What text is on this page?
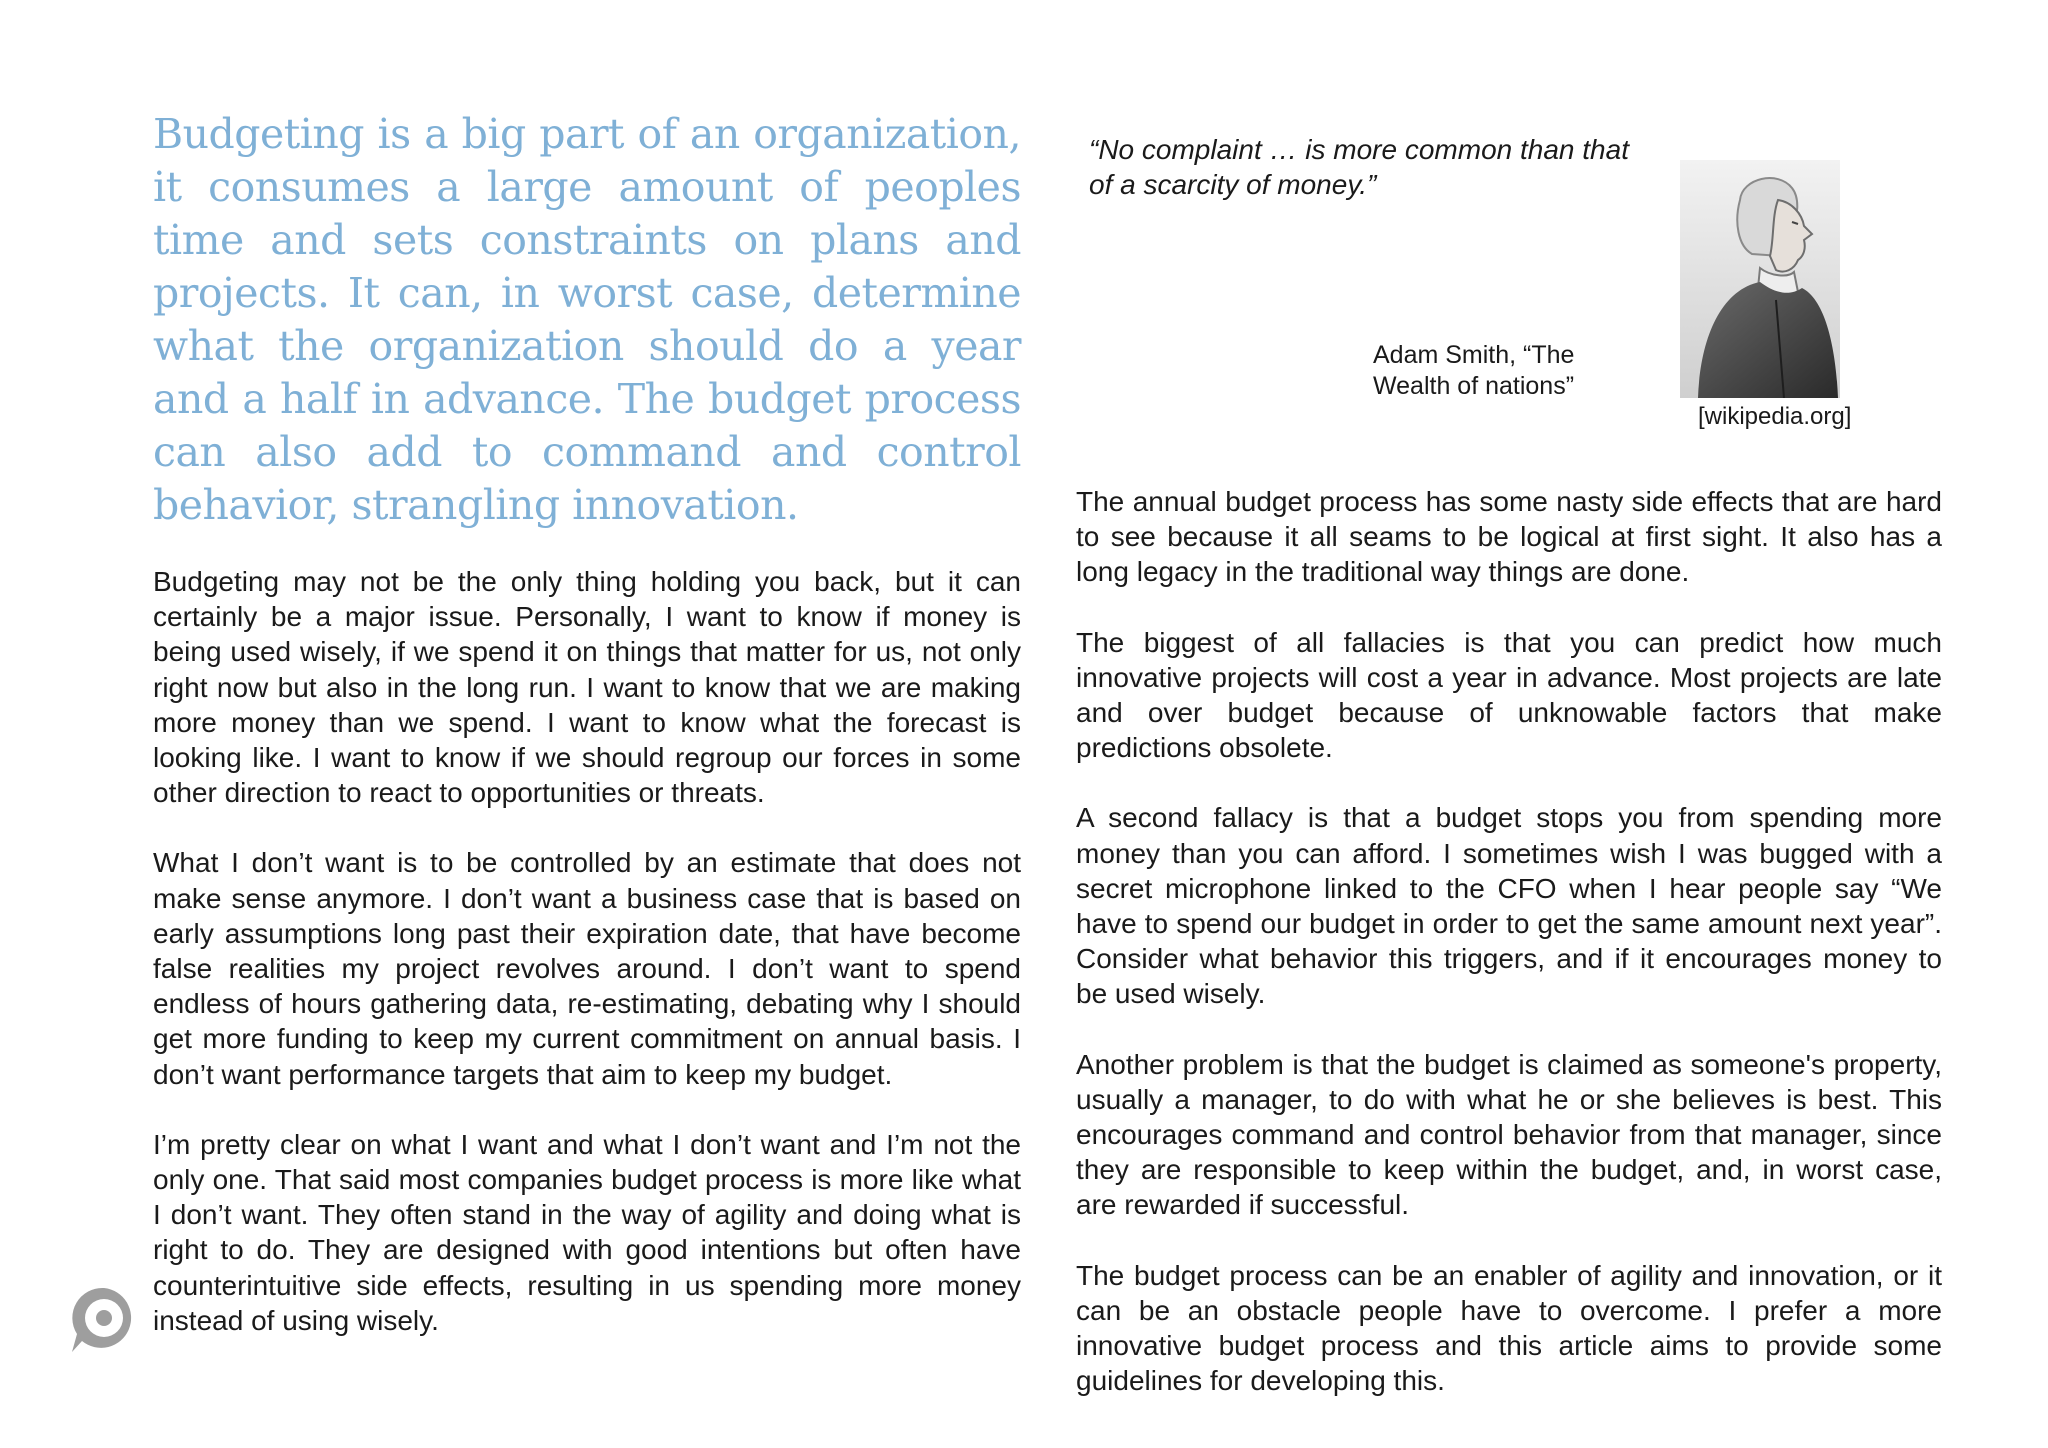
Budgeting is a big part of an organization, it consumes a large amount of peoples time and sets constraints on plans and projects. It can, in worst case, determine what the organization should do a year and a half in advance. The budget process can also add to command and control behavior, strangling innovation.

Budgeting may not be the only thing holding you back, but it can certainly be a major issue. Personally, I want to know if money is being used wisely, if we spend it on things that matter for us, not only right now but also in the long run. I want to know that we are making more money than we spend. I want to know what the forecast is looking like. I want to know if we should regroup our forces in some other direction to react to opportunities or threats.

What I don’t want is to be controlled by an estimate that does not make sense anymore. I don’t want a business case that is based on early assumptions long past their expiration date, that have become false realities my project revolves around. I don’t want to spend endless of hours gathering data, re-estimating, debating why I should get more funding to keep my current commitment on annual basis. I don’t want performance targets that aim to keep my budget.

I’m pretty clear on what I want and what I don’t want and I’m not the only one. That said most companies budget process is more like what I don’t want. They often stand in the way of agility and doing what is right to do. They are designed with good intentions but often have counterintuitive side effects, resulting in us spending more money instead of using wisely.

“No complaint … is more common than that of a scarcity of money.”

Adam Smith, “The Wealth of nations”

[wikipedia.org]

The annual budget process has some nasty side effects that are hard to see because it all seams to be logical at first sight. It also has a long legacy in the traditional way things are done.

The biggest of all fallacies is that you can predict how much innovative projects will cost a year in advance. Most projects are late and over budget because of unknowable factors that make predictions obsolete.

A second fallacy is that a budget stops you from spending more money than you can afford. I sometimes wish I was bugged with a secret microphone linked to the CFO when I hear people say “We have to spend our budget in order to get the same amount next year”. Consider what behavior this triggers, and if it encourages money to be used wisely.

Another problem is that the budget is claimed as someone's property, usually a manager, to do with what he or she believes is best. This encourages command and control behavior from that manager, since they are responsible to keep within the budget, and, in worst case, are rewarded if successful.

The budget process can be an enabler of agility and innovation, or it can be an obstacle people have to overcome. I prefer a more innovative budget process and this article aims to provide some guidelines for developing this.
